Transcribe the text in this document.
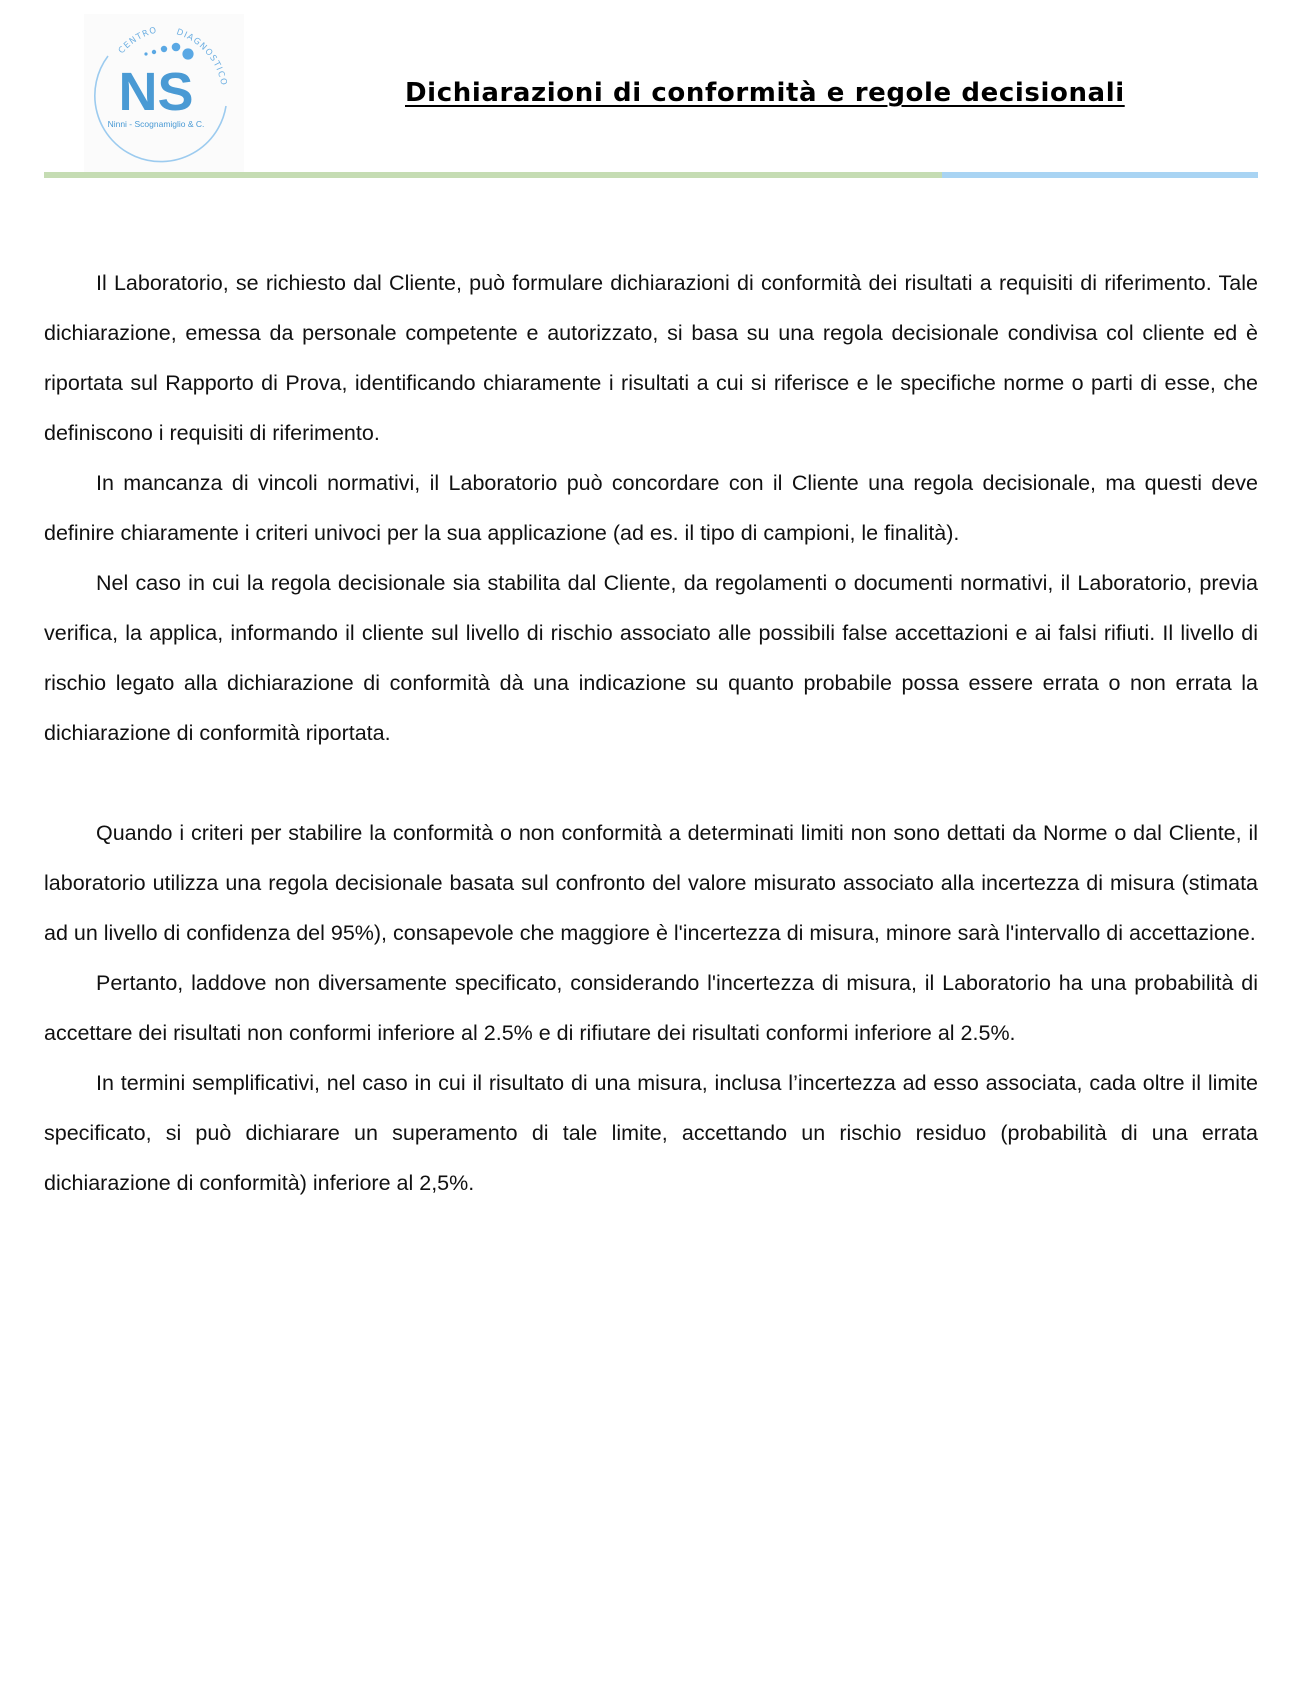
CENTRO DIAGNOSTICO
NS
Ninni - Scognamiglio & C.
Dichiarazioni di conformità e regole decisionali

Il Laboratorio, se richiesto dal Cliente, può formulare dichiarazioni di conformità dei risultati a requisiti di riferimento. Tale dichiarazione, emessa da personale competente e autorizzato, si basa su una regola decisionale condivisa col cliente ed è riportata sul Rapporto di Prova, identificando chiaramente i risultati a cui si riferisce e le specifiche norme o parti di esse, che definiscono i requisiti di riferimento.

In mancanza di vincoli normativi, il Laboratorio può concordare con il Cliente una regola decisionale, ma questi deve definire chiaramente i criteri univoci per la sua applicazione (ad es. il tipo di campioni, le finalità).

Nel caso in cui la regola decisionale sia stabilita dal Cliente, da regolamenti o documenti normativi, il Laboratorio, previa verifica, la applica, informando il cliente sul livello di rischio associato alle possibili false accettazioni e ai falsi rifiuti. Il livello di rischio legato alla dichiarazione di conformità dà una indicazione su quanto probabile possa essere errata o non errata la dichiarazione di conformità riportata.

Quando i criteri per stabilire la conformità o non conformità a determinati limiti non sono dettati da Norme o dal Cliente, il laboratorio utilizza una regola decisionale basata sul confronto del valore misurato associato alla incertezza di misura (stimata ad un livello di confidenza del 95%), consapevole che maggiore è l'incertezza di misura, minore sarà l'intervallo di accettazione.

Pertanto, laddove non diversamente specificato, considerando l'incertezza di misura, il Laboratorio ha una probabilità di accettare dei risultati non conformi inferiore al 2.5% e di rifiutare dei risultati conformi inferiore al 2.5%.

In termini semplificativi, nel caso in cui il risultato di una misura, inclusa l’incertezza ad esso associata, cada oltre il limite specificato, si può dichiarare un superamento di tale limite, accettando un rischio residuo (probabilità di una errata dichiarazione di conformità) inferiore al 2,5%.
